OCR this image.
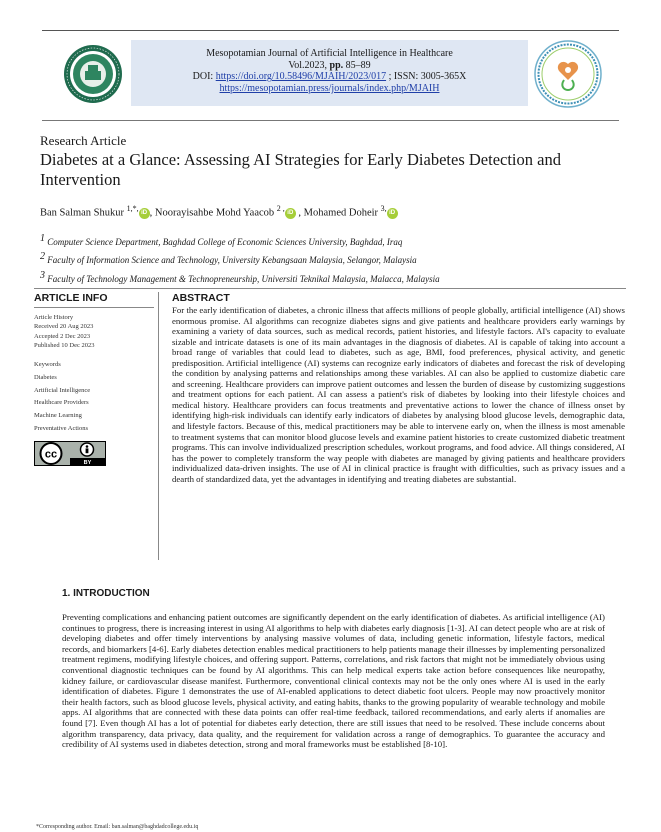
Mesopotamian Journal of Artificial Intelligence in Healthcare
Vol.2023, pp. 85–89
DOI: https://doi.org/10.58496/MJAIH/2023/017 ; ISSN: 3005-365X
https://mesopotamian.press/journals/index.php/MJAIH
Research Article
Diabetes at a Glance: Assessing AI Strategies for Early Diabetes Detection and Intervention
Ban Salman Shukur $^{1,*,}$ iD , Noorayisahbe Mohd Yaacob $^{2 ,}$ iD , Mohamed Doheir $^{3,}$ iD
$^1$ Computer Science Department, Baghdad College of Economic Sciences University, Baghdad, Iraq
$^2$ Faculty of Information Science and Technology, University Kebangsaan Malaysia, Selangor, Malaysia
$^3$ Faculty of Technology Management & Technopreneurship, Universiti Teknikal Malaysia, Malacca, Malaysia
ARTICLE INFO
Article History
Received 20 Aug 2023
Accepted 2 Dec 2023
Published 10 Dec 2023
Keywords
Diabetes
Artificial Intelligence
Healthcare Providers
Machine Learning
Preventative Actions
cc
BY
ABSTRACT
For the early identification of diabetes, a chronic illness that affects millions of people globally, artificial intelligence (AI) shows enormous promise. AI algorithms can recognize diabetes signs and give patients and healthcare providers early warnings by examining a variety of data sources, such as medical records, patient histories, and lifestyle factors. AI's capacity to evaluate sizable and intricate datasets is one of its main advantages in the diagnosis of diabetes. AI is capable of taking into account a broad range of variables that could lead to diabetes, such as age, BMI, food preferences, physical activity, and genetic predisposition. Artificial intelligence (AI) systems can recognize early indicators of diabetes and forecast the risk of developing the condition by analysing patterns and relationships among these variables. AI can also be applied to customize diabetic care and screening. Healthcare providers can improve patient outcomes and lessen the burden of disease by customizing suggestions and treatment options for each patient. AI can assess a patient's risk of diabetes by looking into their lifestyle choices and medical history. Healthcare providers can focus treatments and preventative actions to lower the chance of illness onset by identifying high-risk individuals can identify early indicators of diabetes by analysing blood glucose levels, demographic data, and lifestyle factors. Because of this, medical practitioners may be able to intervene early on, when the illness is most amenable to treatment systems that can monitor blood glucose levels and examine patient histories to create customized diabetic treatment programs. This can involve individualized prescription schedules, workout programs, and food advice. All things considered, AI has the power to completely transform the way people with diabetes are managed by giving patients and healthcare providers individualized data-driven insights. The use of AI in clinical practice is fraught with difficulties, such as privacy issues and a dearth of standardized data, yet the advantages in identifying and treating diabetes are substantial.
1. INTRODUCTION
Preventing complications and enhancing patient outcomes are significantly dependent on the early identification of diabetes. As artificial intelligence (AI) continues to progress, there is increasing interest in using AI algorithms to help with diabetes early diagnosis [1-3]. AI can detect people who are at risk of developing diabetes and offer timely interventions by analysing massive volumes of data, including genetic information, lifestyle factors, medical records, and biomarkers [4-6]. Early diabetes detection enables medical practitioners to help patients manage their illnesses by implementing personalized treatment regimens, modifying lifestyle choices, and offering support. Patterns, correlations, and risk factors that might not be immediately obvious using conventional diagnostic techniques can be found by AI algorithms. This can help medical experts take action before consequences like neuropathy, kidney failure, or cardiovascular disease manifest. Furthermore, conventional clinical contexts may not be the only ones where AI is used in the early identification of diabetes. Figure 1 demonstrates the use of AI-enabled applications to detect diabetic foot ulcers. People may now proactively monitor their health factors, such as blood glucose levels, physical activity, and eating habits, thanks to the growing popularity of wearable technology and mobile apps. AI algorithms that are connected with these data points can offer real-time feedback, tailored recommendations, and early alerts if anomalies are found [7]. Even though AI has a lot of potential for diabetes early detection, there are still issues that need to be resolved. These include concerns about algorithm transparency, data privacy, data quality, and the requirement for validation across a range of demographics. To guarantee the accuracy and credibility of AI systems used in diabetes detection, strong and moral frameworks must be established [8-10].
*Corresponding author. Email: ban.salman@baghdadcollege.edu.iq
